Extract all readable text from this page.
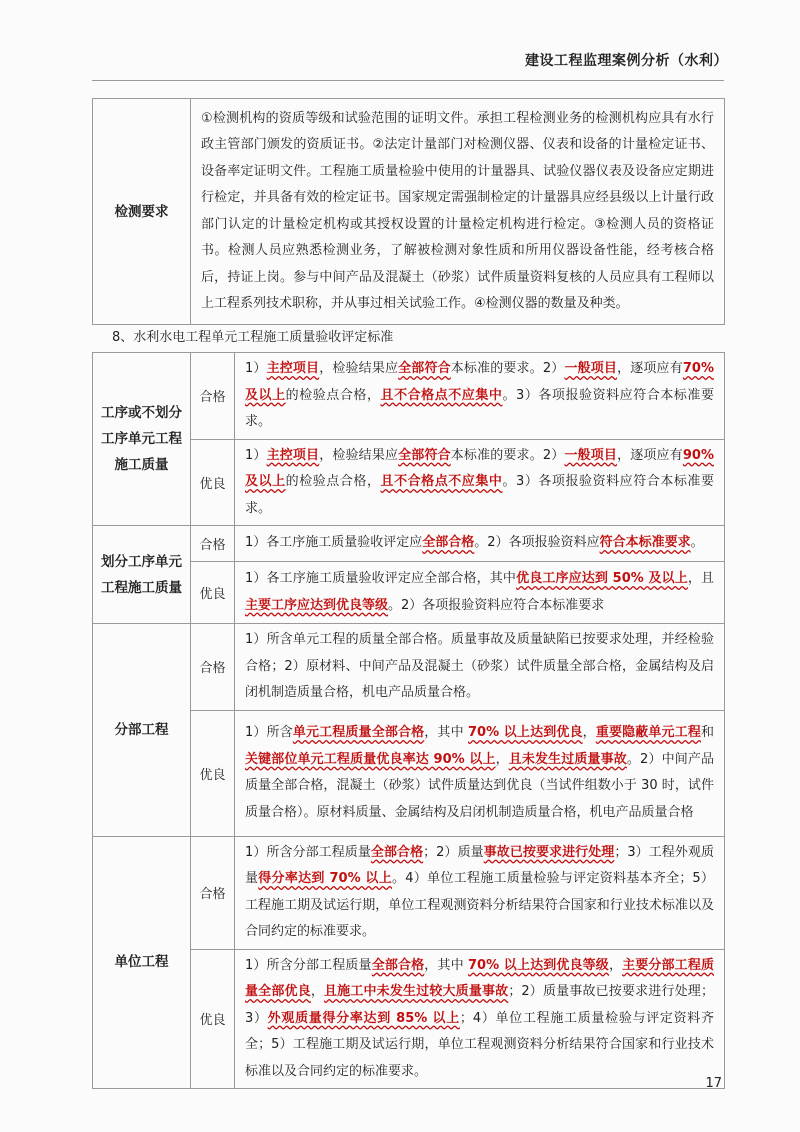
建设工程监理案例分析（水利）
检测要求	①检测机构的资质等级和试验范围的证明文件。承担工程检测业务的检测机构应具有水行政主管部门颁发的资质证书。②法定计量部门对检测仪器、仪表和设备的计量检定证书、设备率定证明文件。工程施工质量检验中使用的计量器具、试验仪器仪表及设备应定期进行检定，并具备有效的检定证书。国家规定需强制检定的计量器具应经县级以上计量行政部门认定的计量检定机构或其授权设置的计量检定机构进行检定。③检测人员的资格证书。检测人员应熟悉检测业务，了解被检测对象性质和所用仪器设备性能，经考核合格后，持证上岗。参与中间产品及混凝土（砂浆）试件质量资料复核的人员应具有工程师以上工程系列技术职称，并从事过相关试验工作。④检测仪器的数量及种类。
8、水利水电工程单元工程施工质量验收评定标准
工序或不划分工序单元工程施工质量	合格	1）主控项目，检验结果应全部符合本标准的要求。2）一般项目，逐项应有70% 及以上的检验点合格，且不合格点不应集中。3）各项报验资料应符合本标准要求。
	优良	1）主控项目，检验结果应全部符合本标准的要求。2）一般项目，逐项应有90% 及以上的检验点合格，且不合格点不应集中。3）各项报验资料应符合本标准要求。
划分工序单元工程施工质量	合格	1）各工序施工质量验收评定应全部合格。2）各项报验资料应符合本标准要求。
	优良	1）各工序施工质量验收评定应全部合格，其中优良工序应达到 50% 及以上，且主要工序应达到优良等级。2）各项报验资料应符合本标准要求
分部工程	合格	1）所含单元工程的质量全部合格。质量事故及质量缺陷已按要求处理，并经检验合格；2）原材料、中间产品及混凝土（砂浆）试件质量全部合格，金属结构及启闭机制造质量合格，机电产品质量合格。
	优良	1）所含单元工程质量全部合格，其中 70% 以上达到优良，重要隐蔽单元工程和关键部位单元工程质量优良率达 90% 以上，且未发生过质量事故。2）中间产品质量全部合格，混凝土（砂浆）试件质量达到优良（当试件组数小于 30 时，试件质量合格）。原材料质量、金属结构及启闭机制造质量合格，机电产品质量合格
单位工程	合格	1）所含分部工程质量全部合格；2）质量事故已按要求进行处理；3）工程外观质量得分率达到 70% 以上。4）单位工程施工质量检验与评定资料基本齐全；5）工程施工期及试运行期，单位工程观测资料分析结果符合国家和行业技术标准以及合同约定的标准要求。
	优良	1）所含分部工程质量全部合格，其中 70% 以上达到优良等级，主要分部工程质量全部优良，且施工中未发生过较大质量事故；2）质量事故已按要求进行处理；3）外观质量得分率达到 85% 以上；4）单位工程施工质量检验与评定资料齐全；5）工程施工期及试运行期，单位工程观测资料分析结果符合国家和行业技术标准以及合同约定的标准要求。
17
